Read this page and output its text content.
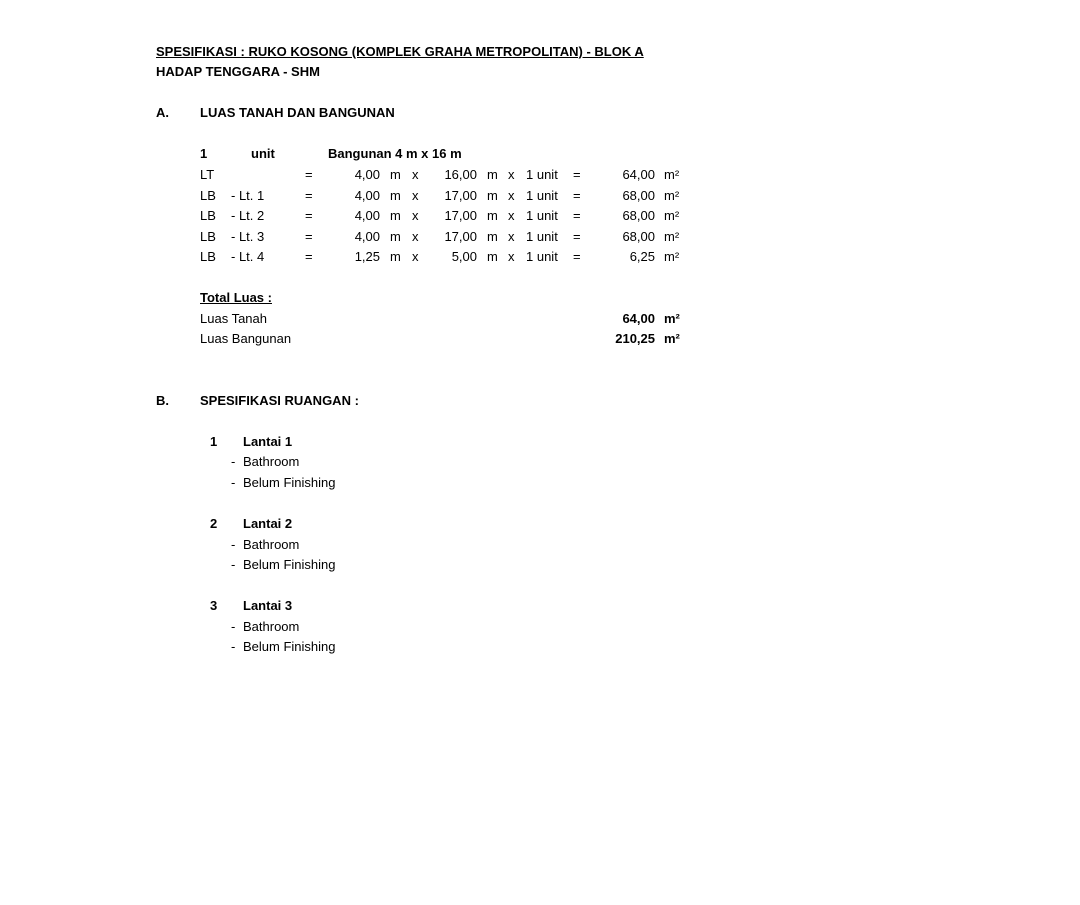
SPESIFIKASI : RUKO KOSONG (KOMPLEK GRAHA METROPOLITAN) - BLOK A
HADAP TENGGARA - SHM
A. LUAS TANAH DAN BANGUNAN
1	unit	Bangunan 4 m x 16 m
LT	=	4,00 m x	16,00 m x 1 unit =	64,00 m²
LB - Lt. 1	=	4,00 m x	17,00 m x 1 unit =	68,00 m²
LB - Lt. 2	=	4,00 m x	17,00 m x 1 unit =	68,00 m²
LB - Lt. 3	=	4,00 m x	17,00 m x 1 unit =	68,00 m²
LB - Lt. 4	=	1,25 m x	5,00 m x 1 unit =	6,25 m²
Total Luas :
Luas Tanah	64,00 m²
Luas Bangunan	210,25 m²
B. SPESIFIKASI RUANGAN :
1 Lantai 1
- Bathroom
- Belum Finishing
2 Lantai 2
- Bathroom
- Belum Finishing
3 Lantai 3
- Bathroom
- Belum Finishing
